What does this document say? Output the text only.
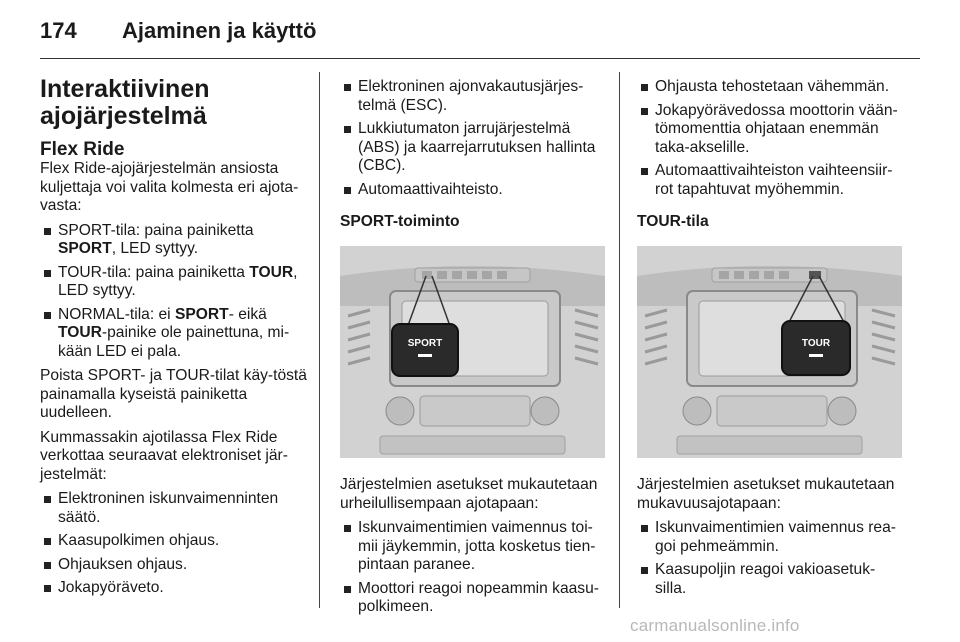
174 Ajaminen ja käyttö
Interaktiivinen ajojärjestelmä
Flex Ride

Flex Ride-ajojärjestelmän ansiosta kuljettaja voi valita kolmesta eri ajota-vasta:

SPORT-tila: paina painiketta SPORT, LED syttyy.
TOUR-tila: paina painiketta TOUR, LED syttyy.
NORMAL-tila: ei SPORT- eikä TOUR-painike ole painettuna, mi-kään LED ei pala.

Poista SPORT- ja TOUR-tilat käy-töstä painamalla kyseistä painiketta uudelleen.

Kummassakin ajotilassa Flex Ride verkottaa seuraavat elektroniset jär-jestelmät:

Elektroninen iskunvaimenninten säätö.
Kaasupolkimen ohjaus.
Ohjauksen ohjaus.
Jokapyöräveto.
Elektroninen ajonvakautusjärjes-telmä (ESC).
Lukkiutumaton jarrujärjestelmä (ABS) ja kaarrejarrutuksen hallinta (CBC).
Automaattivaihteisto.
SPORT-toiminto
SPORT

Järjestelmien asetukset mukautetaan urheilullisempaan ajotapaan:

Iskunvaimentimien vaimennus toi-mii jäykemmin, jotta kosketus tien-pintaan paranee.
Moottori reagoi nopeammin kaasu-polkimeen.
Ohjausta tehostetaan vähemmän.
Jokapyörävedossa moottorin vään-tömomenttia ohjataan enemmän taka-akselille.
Automaattivaihteiston vaihteensiir-rot tapahtuvat myöhemmin.
TOUR-tila
TOUR

Järjestelmien asetukset mukautetaan mukavuusajotapaan:

Iskunvaimentimien vaimennus rea-goi pehmeämmin.
Kaasupoljin reagoi vakioasetuk-silla.
carmanualsonline.info
